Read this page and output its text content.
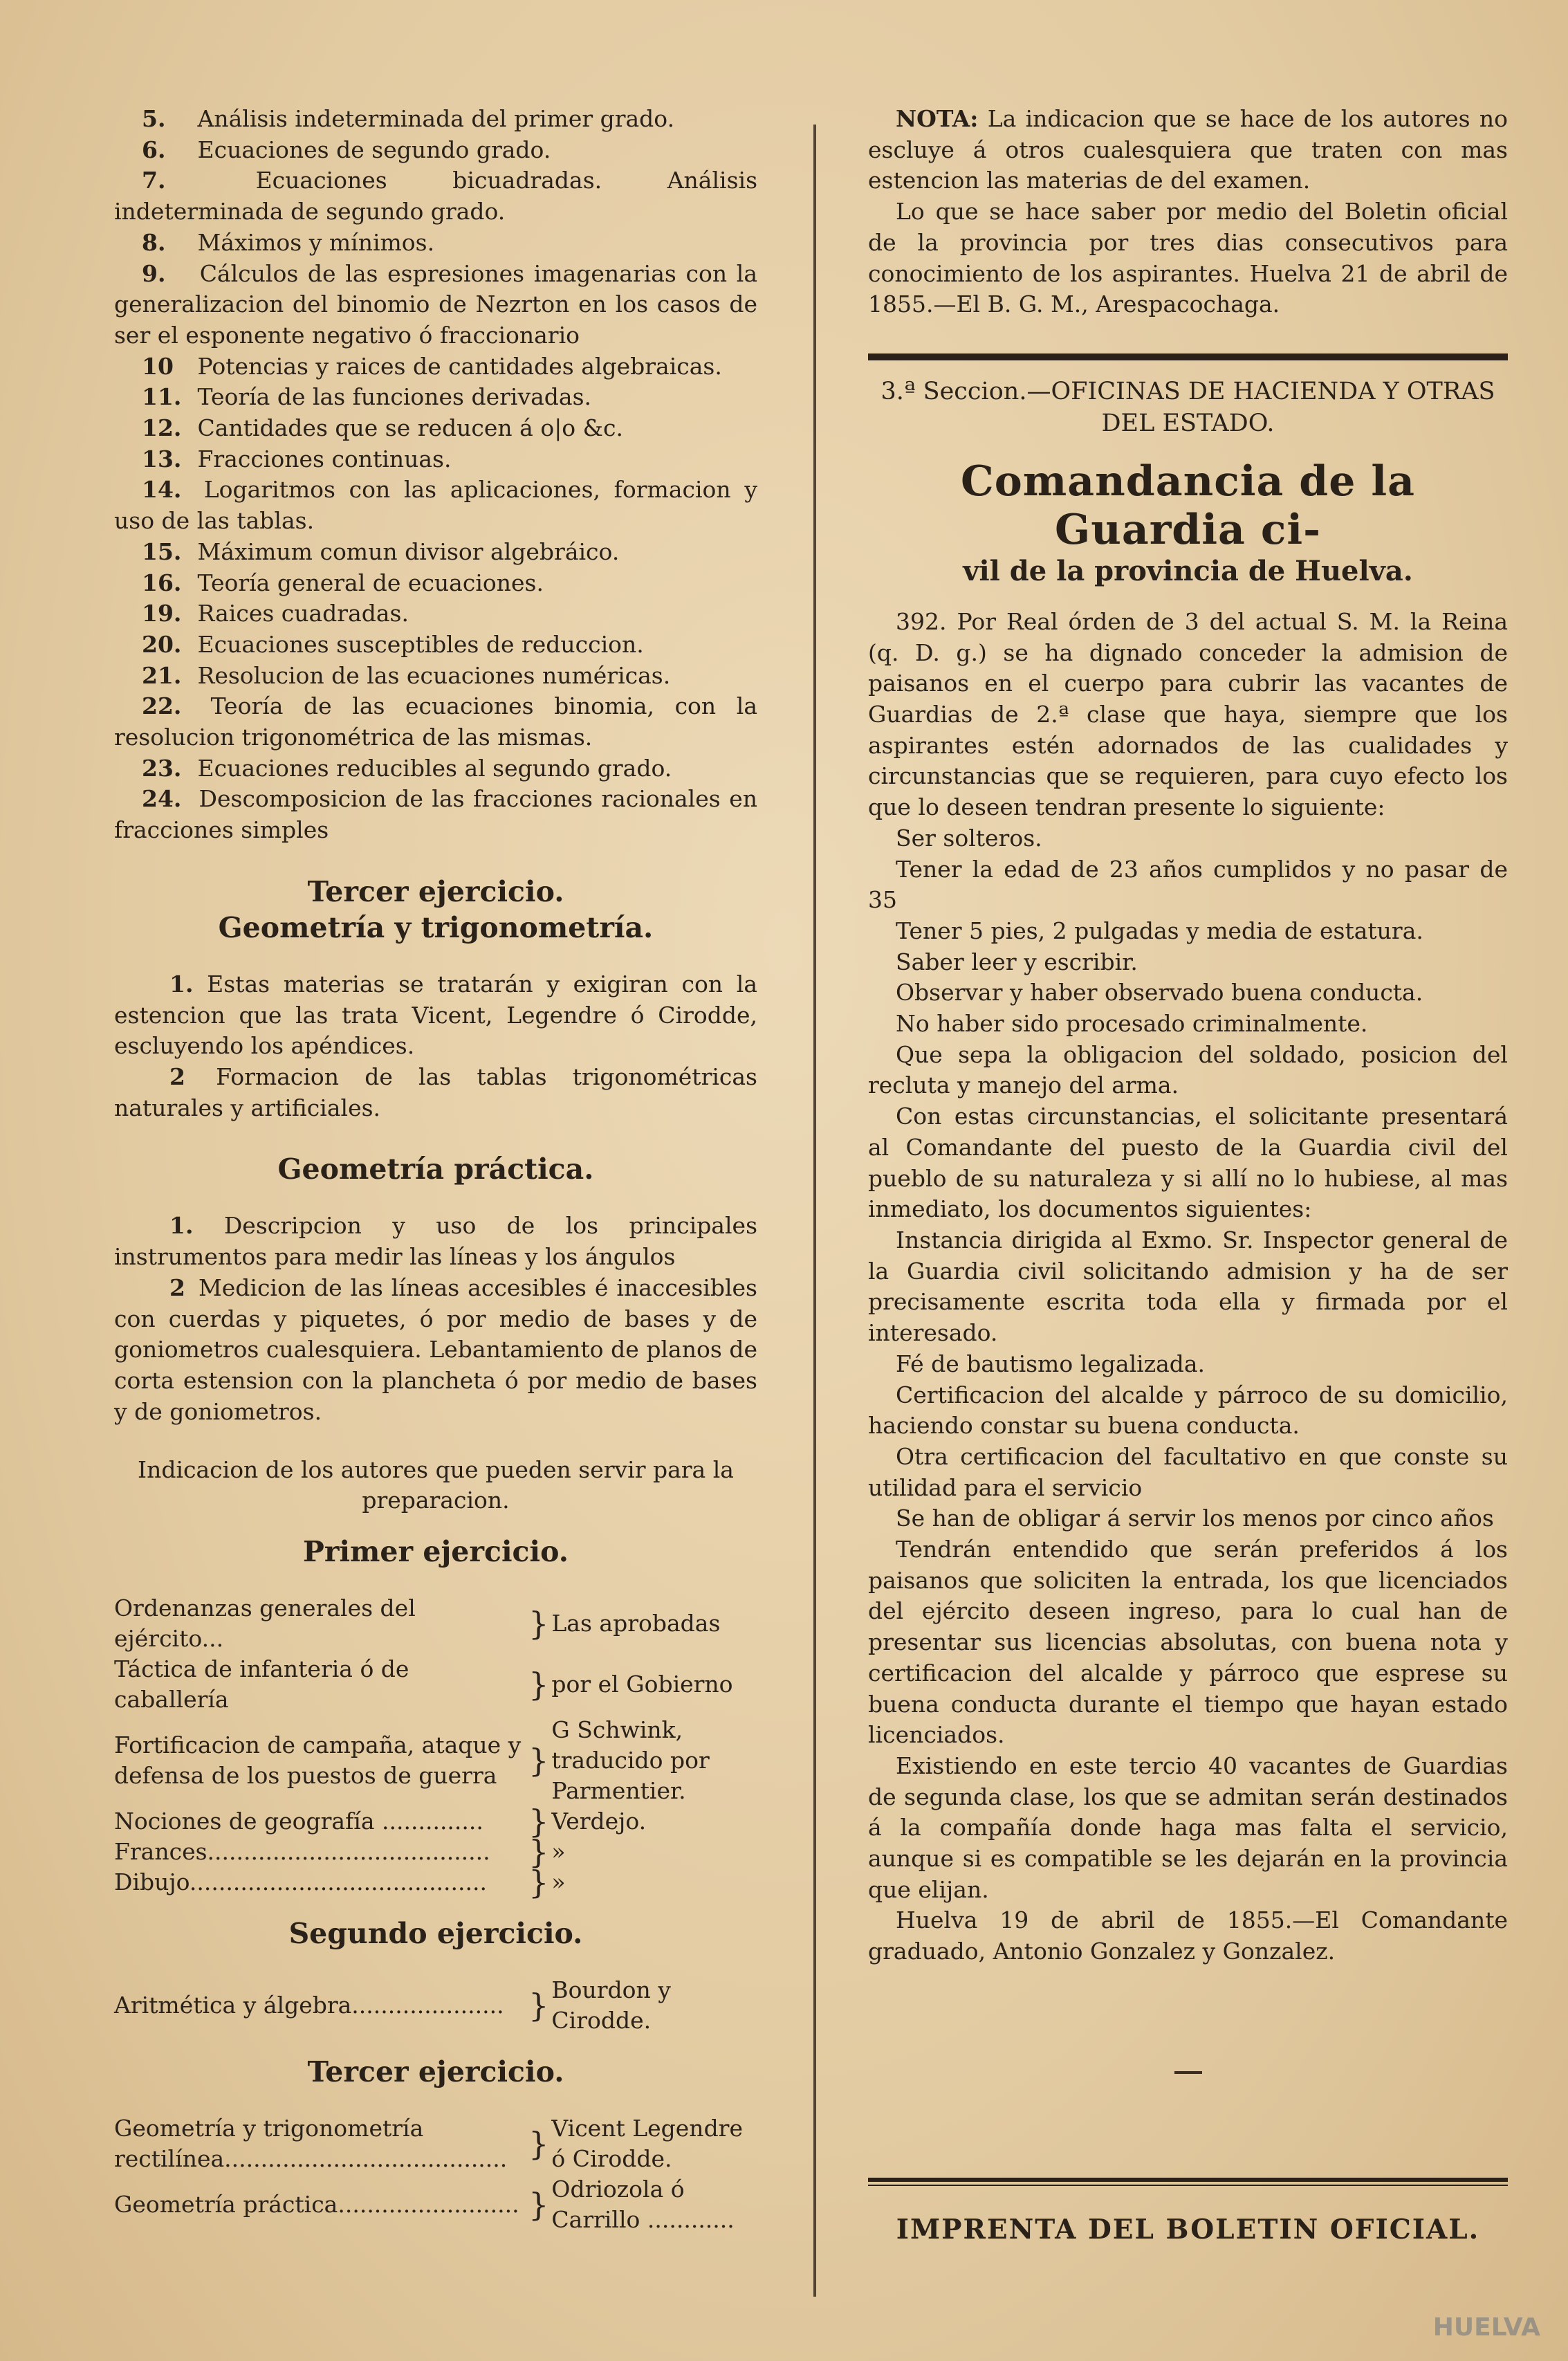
5. Análisis indeterminada del primer grado.

6. Ecuaciones de segundo grado.

7.	Ecuaciones bicuadradas. Análisis indeterminada de segundo grado.

8. Máximos y mínimos.

9. Cálculos de las espresiones imagenarias con la generalizacion del binomio de Nezrton en los casos de ser el esponente negativo ó fraccionario

10 Potencias y raices de cantidades algebraicas.

11. Teoría de las funciones derivadas.

12. Cantidades que se reducen á o|o &c.

13. Fracciones continuas.

14. Logaritmos con las aplicaciones, formacion y uso de las tablas.

15. Máximum comun divisor algebráico.

16. Teoría general de ecuaciones.

19. Raices cuadradas.

20. Ecuaciones susceptibles de reduccion.

21. Resolucion de las ecuaciones numéricas.

22. Teoría de las ecuaciones binomia, con la resolucion trigonométrica de las mismas.

23. Ecuaciones reducibles al segundo grado.

24. Descomposicion de las fracciones racionales en fracciones simples

Tercer ejercicio.

Geometría y trigonometría.

1. Estas materias se tratarán y exigiran con la estencion que las trata Vicent, Legendre ó Cirodde, escluyendo los apéndices.

2 Formacion de las tablas trigonométricas naturales y artificiales.

Geometría práctica.

1. Descripcion y uso de los principales instrumentos para medir las líneas y los ángulos

2 Medicion de las líneas accesibles é inaccesibles con cuerdas y piquetes, ó por medio de bases y de goniometros cualesquiera. Lebantamiento de planos de corta estension con la plancheta ó por medio de bases y de goniometros.

Indicacion de los autores que pueden servir para la preparacion.

Primer ejercicio.

Ordenanzas generales del ejército...	}	Las aprobadas
Táctica de infanteria ó de caballería	}	por el Gobierno
Fortificacion de campaña, ataque y defensa de los puestos de guerra	}	G Schwink, traducido por Parmentier.
Nociones de geografía ..............	}	Verdejo.
Frances.......................................	}	»
Dibujo.........................................	}	»

Segundo ejercicio.

Aritmética y álgebra.....................	}	Bourdon y Cirodde.

Tercer ejercicio.

Geometría y trigonometría rectilínea.......................................	}	Vicent Legendre ó Cirodde.
Geometría práctica.........................	}	Odriozola ó Carrillo ............

NOTA: La indicacion que se hace de los autores no escluye á otros cualesquiera que traten con mas estencion las materias de del examen.

Lo que se hace saber por medio del Boletin oficial de la provincia por tres dias consecutivos para conocimiento de los aspirantes. Huelva 21 de abril de 1855.—El B. G. M., Arespacochaga.

3.ª Seccion.—OFICINAS DE HACIENDA Y OTRAS DEL ESTADO.

Comandancia de la Guardia ci-

vil de la provincia de Huelva.

392. Por Real órden de 3 del actual S. M. la Reina (q. D. g.) se ha dignado conceder la admision de paisanos en el cuerpo para cubrir las vacantes de Guardias de 2.ª clase que haya, siempre que los aspirantes estén adornados de las cualidades y circunstancias que se requieren, para cuyo efecto los que lo deseen tendran presente lo siguiente:

Ser solteros.

Tener la edad de 23 años cumplidos y no pasar de 35

Tener 5 pies, 2 pulgadas y media de estatura.

Saber leer y escribir.

Observar y haber observado buena conducta.

No haber sido procesado criminalmente.

Que sepa la obligacion del soldado, posicion del recluta y manejo del arma.

Con estas circunstancias, el solicitante presentará al Comandante del puesto de la Guardia civil del pueblo de su naturaleza y si allí no lo hubiese, al mas inmediato, los documentos siguientes:

Instancia dirigida al Exmo. Sr. Inspector general de la Guardia civil solicitando admision y ha de ser precisamente escrita toda ella y firmada por el interesado.

Fé de bautismo legalizada.

Certificacion del alcalde y párroco de su domicilio, haciendo constar su buena conducta.

Otra certificacion del facultativo en que conste su utilidad para el servicio

Se han de obligar á servir los menos por cinco años

Tendrán entendido que serán preferidos á los paisanos que soliciten la entrada, los que licenciados del ejército deseen ingreso, para lo cual han de presentar sus licencias absolutas, con buena nota y certificacion del alcalde y párroco que esprese su buena conducta durante el tiempo que hayan estado licenciados.

Existiendo en este tercio 40 vacantes de Guardias de segunda clase, los que se admitan serán destinados á la compañía donde haga mas falta el servicio, aunque si es compatible se les dejarán en la provincia que elijan.

Huelva 19 de abril de 1855.—El Comandante graduado, Antonio Gonzalez y Gonzalez.

IMPRENTA DEL BOLETIN OFICIAL.

HUELVA
